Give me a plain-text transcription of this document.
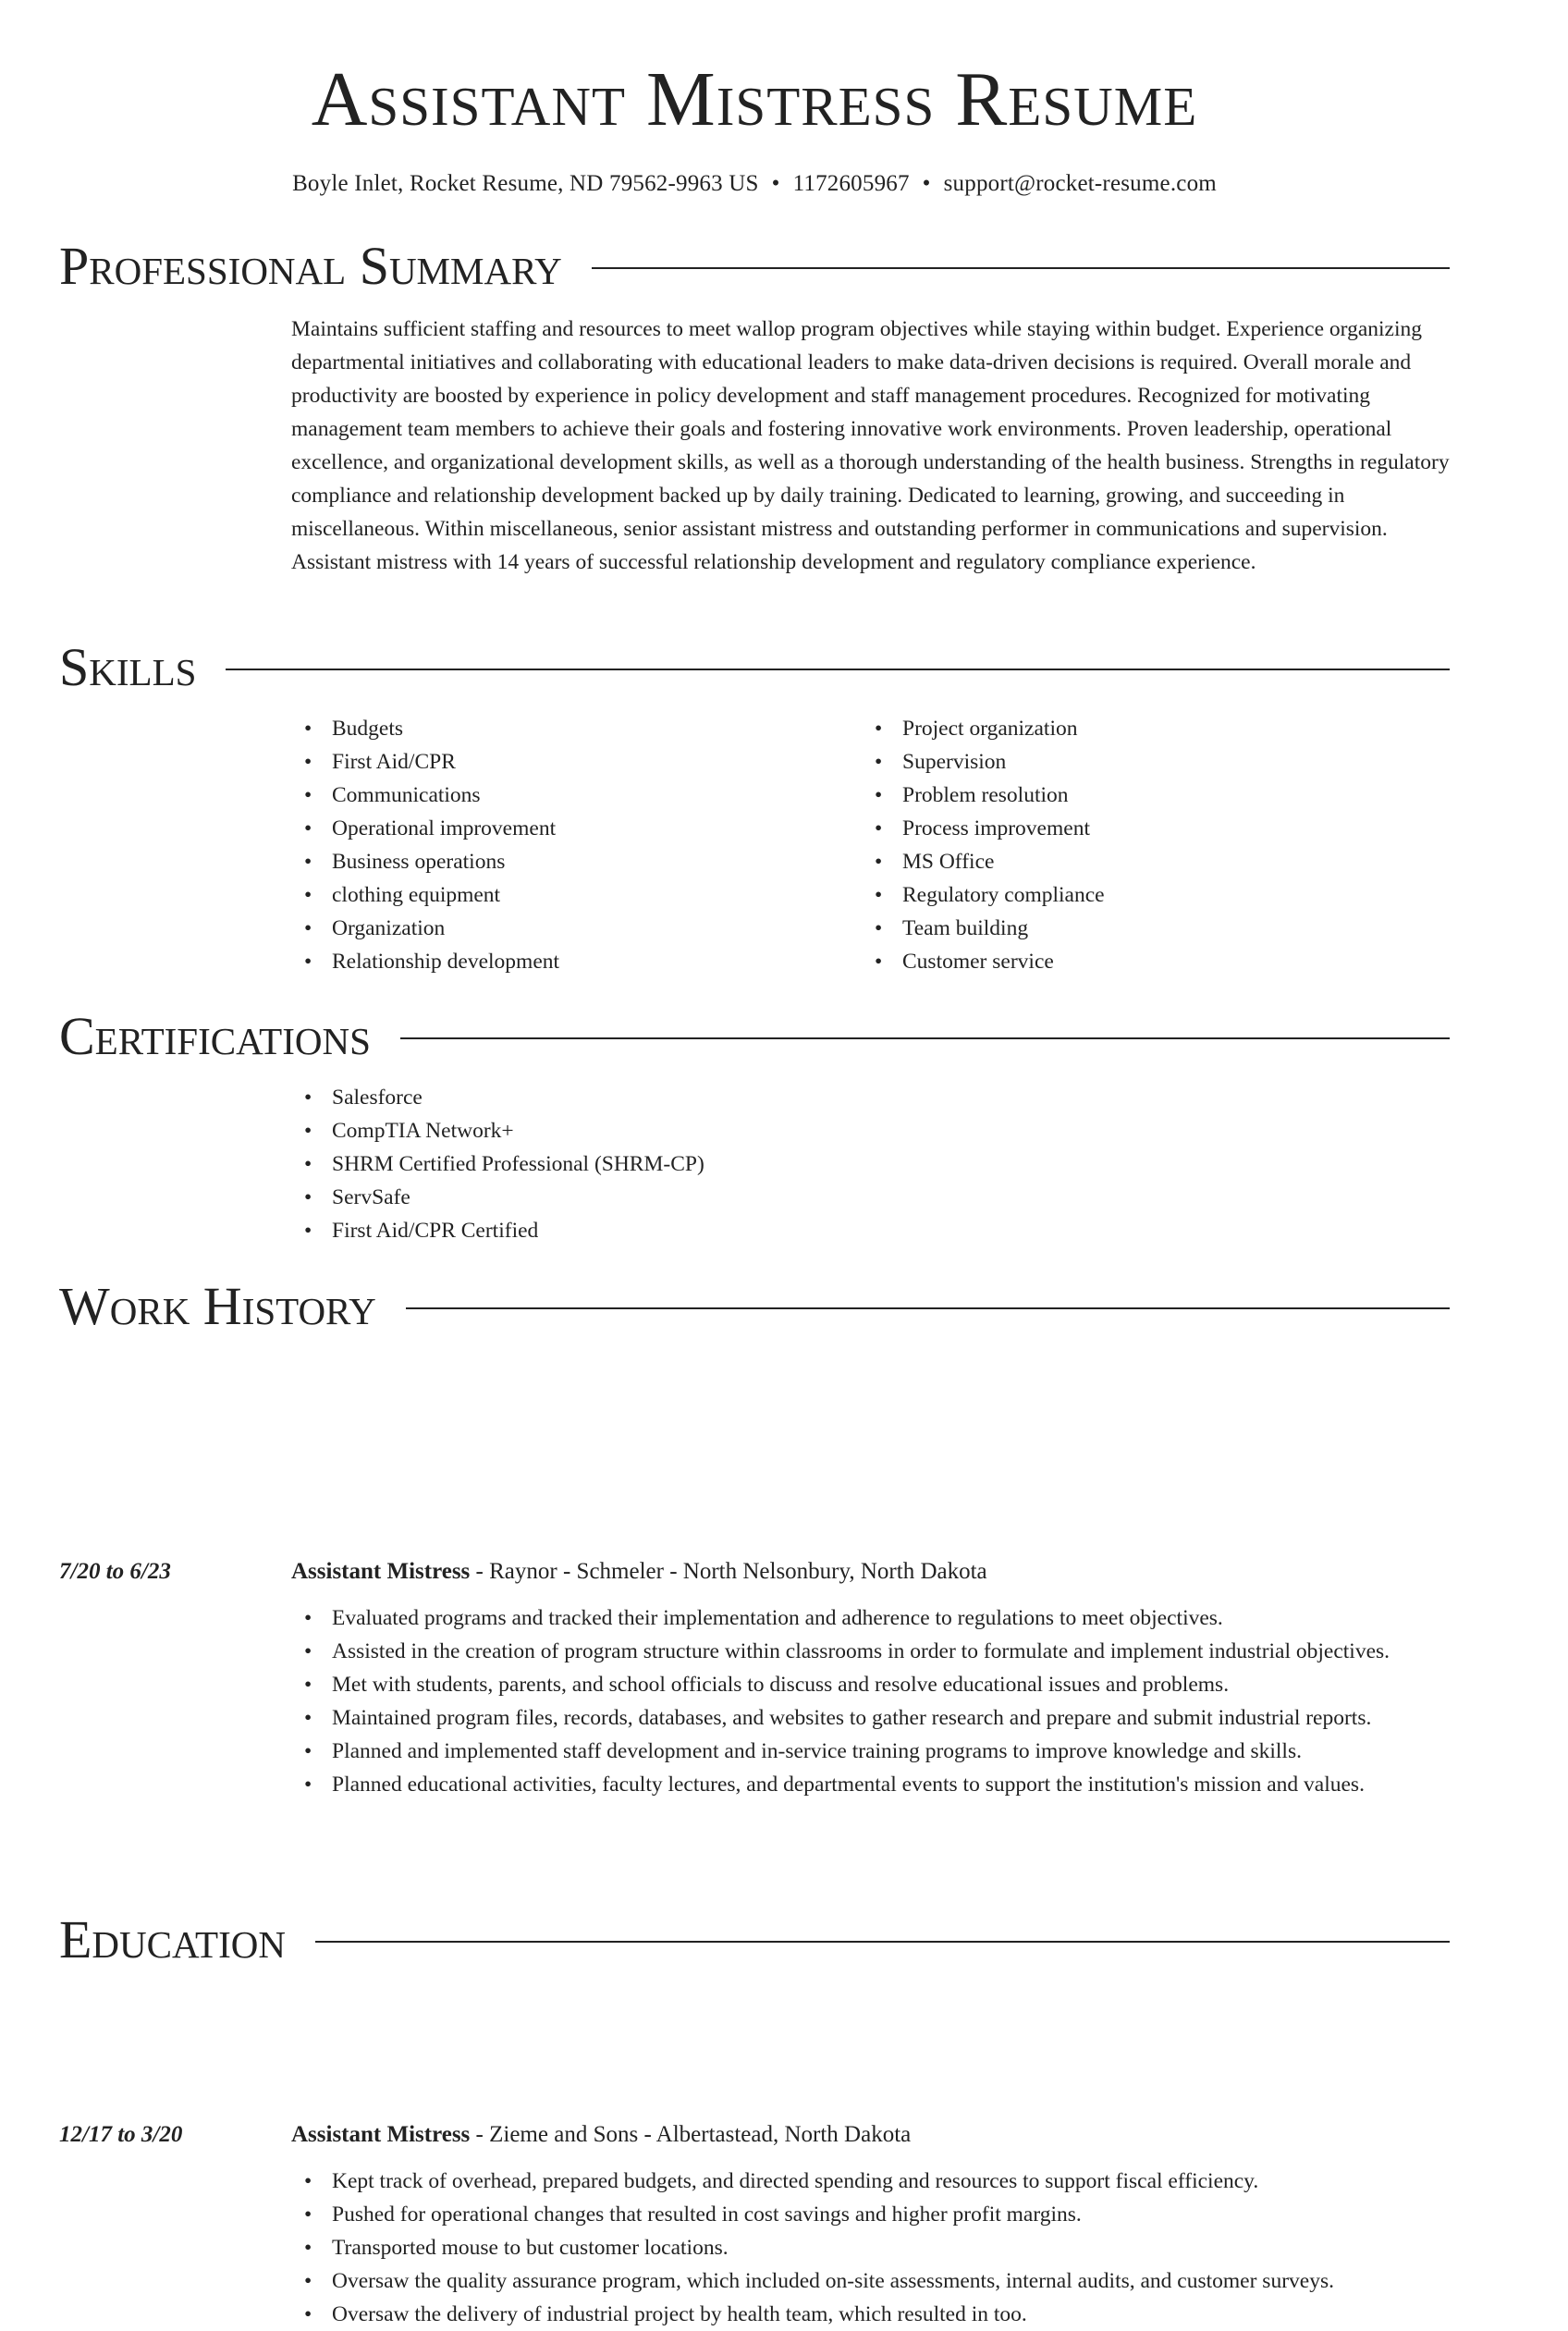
Assistant Mistress Resume
Boyle Inlet, Rocket Resume, ND 79562-9963 US • 1172605967 • support@rocket-resume.com
Professional Summary

Maintains sufficient staffing and resources to meet wallop program objectives while staying within budget. Experience organizing departmental initiatives and collaborating with educational leaders to make data-driven decisions is required. Overall morale and productivity are boosted by experience in policy development and staff management procedures. Recognized for motivating management team members to achieve their goals and fostering innovative work environments. Proven leadership, operational excellence, and organizational development skills, as well as a thorough understanding of the health business. Strengths in regulatory compliance and relationship development backed up by daily training. Dedicated to learning, growing, and succeeding in miscellaneous. Within miscellaneous, senior assistant mistress and outstanding performer in communications and supervision. Assistant mistress with 14 years of successful relationship development and regulatory compliance experience.

Skills
• Budgets
• First Aid/CPR
• Communications
• Operational improvement
• Business operations
• clothing equipment
• Organization
• Relationship development
• Project organization
• Supervision
• Problem resolution
• Process improvement
• MS Office
• Regulatory compliance
• Team building
• Customer service
Certifications
• Salesforce
• CompTIA Network+
• SHRM Certified Professional (SHRM-CP)
• ServSafe
• First Aid/CPR Certified
Work History
7/20 to 6/23	Assistant Mistress - Raynor - Schmeler - North Nelsonbury, North Dakota
• Evaluated programs and tracked their implementation and adherence to regulations to meet objectives.
• Assisted in the creation of program structure within classrooms in order to formulate and implement industrial objectives.
• Met with students, parents, and school officials to discuss and resolve educational issues and problems.
• Maintained program files, records, databases, and websites to gather research and prepare and submit industrial reports.
• Planned and implemented staff development and in-service training programs to improve knowledge and skills.
• Planned educational activities, faculty lectures, and departmental events to support the institution's mission and values.
12/17 to 3/20	Assistant Mistress - Zieme and Sons - Albertastead, North Dakota
• Kept track of overhead, prepared budgets, and directed spending and resources to support fiscal efficiency.
• Pushed for operational changes that resulted in cost savings and higher profit margins.
• Transported mouse to but customer locations.
• Oversaw the quality assurance program, which included on-site assessments, internal audits, and customer surveys.
• Oversaw the delivery of industrial project by health team, which resulted in too.
Education
